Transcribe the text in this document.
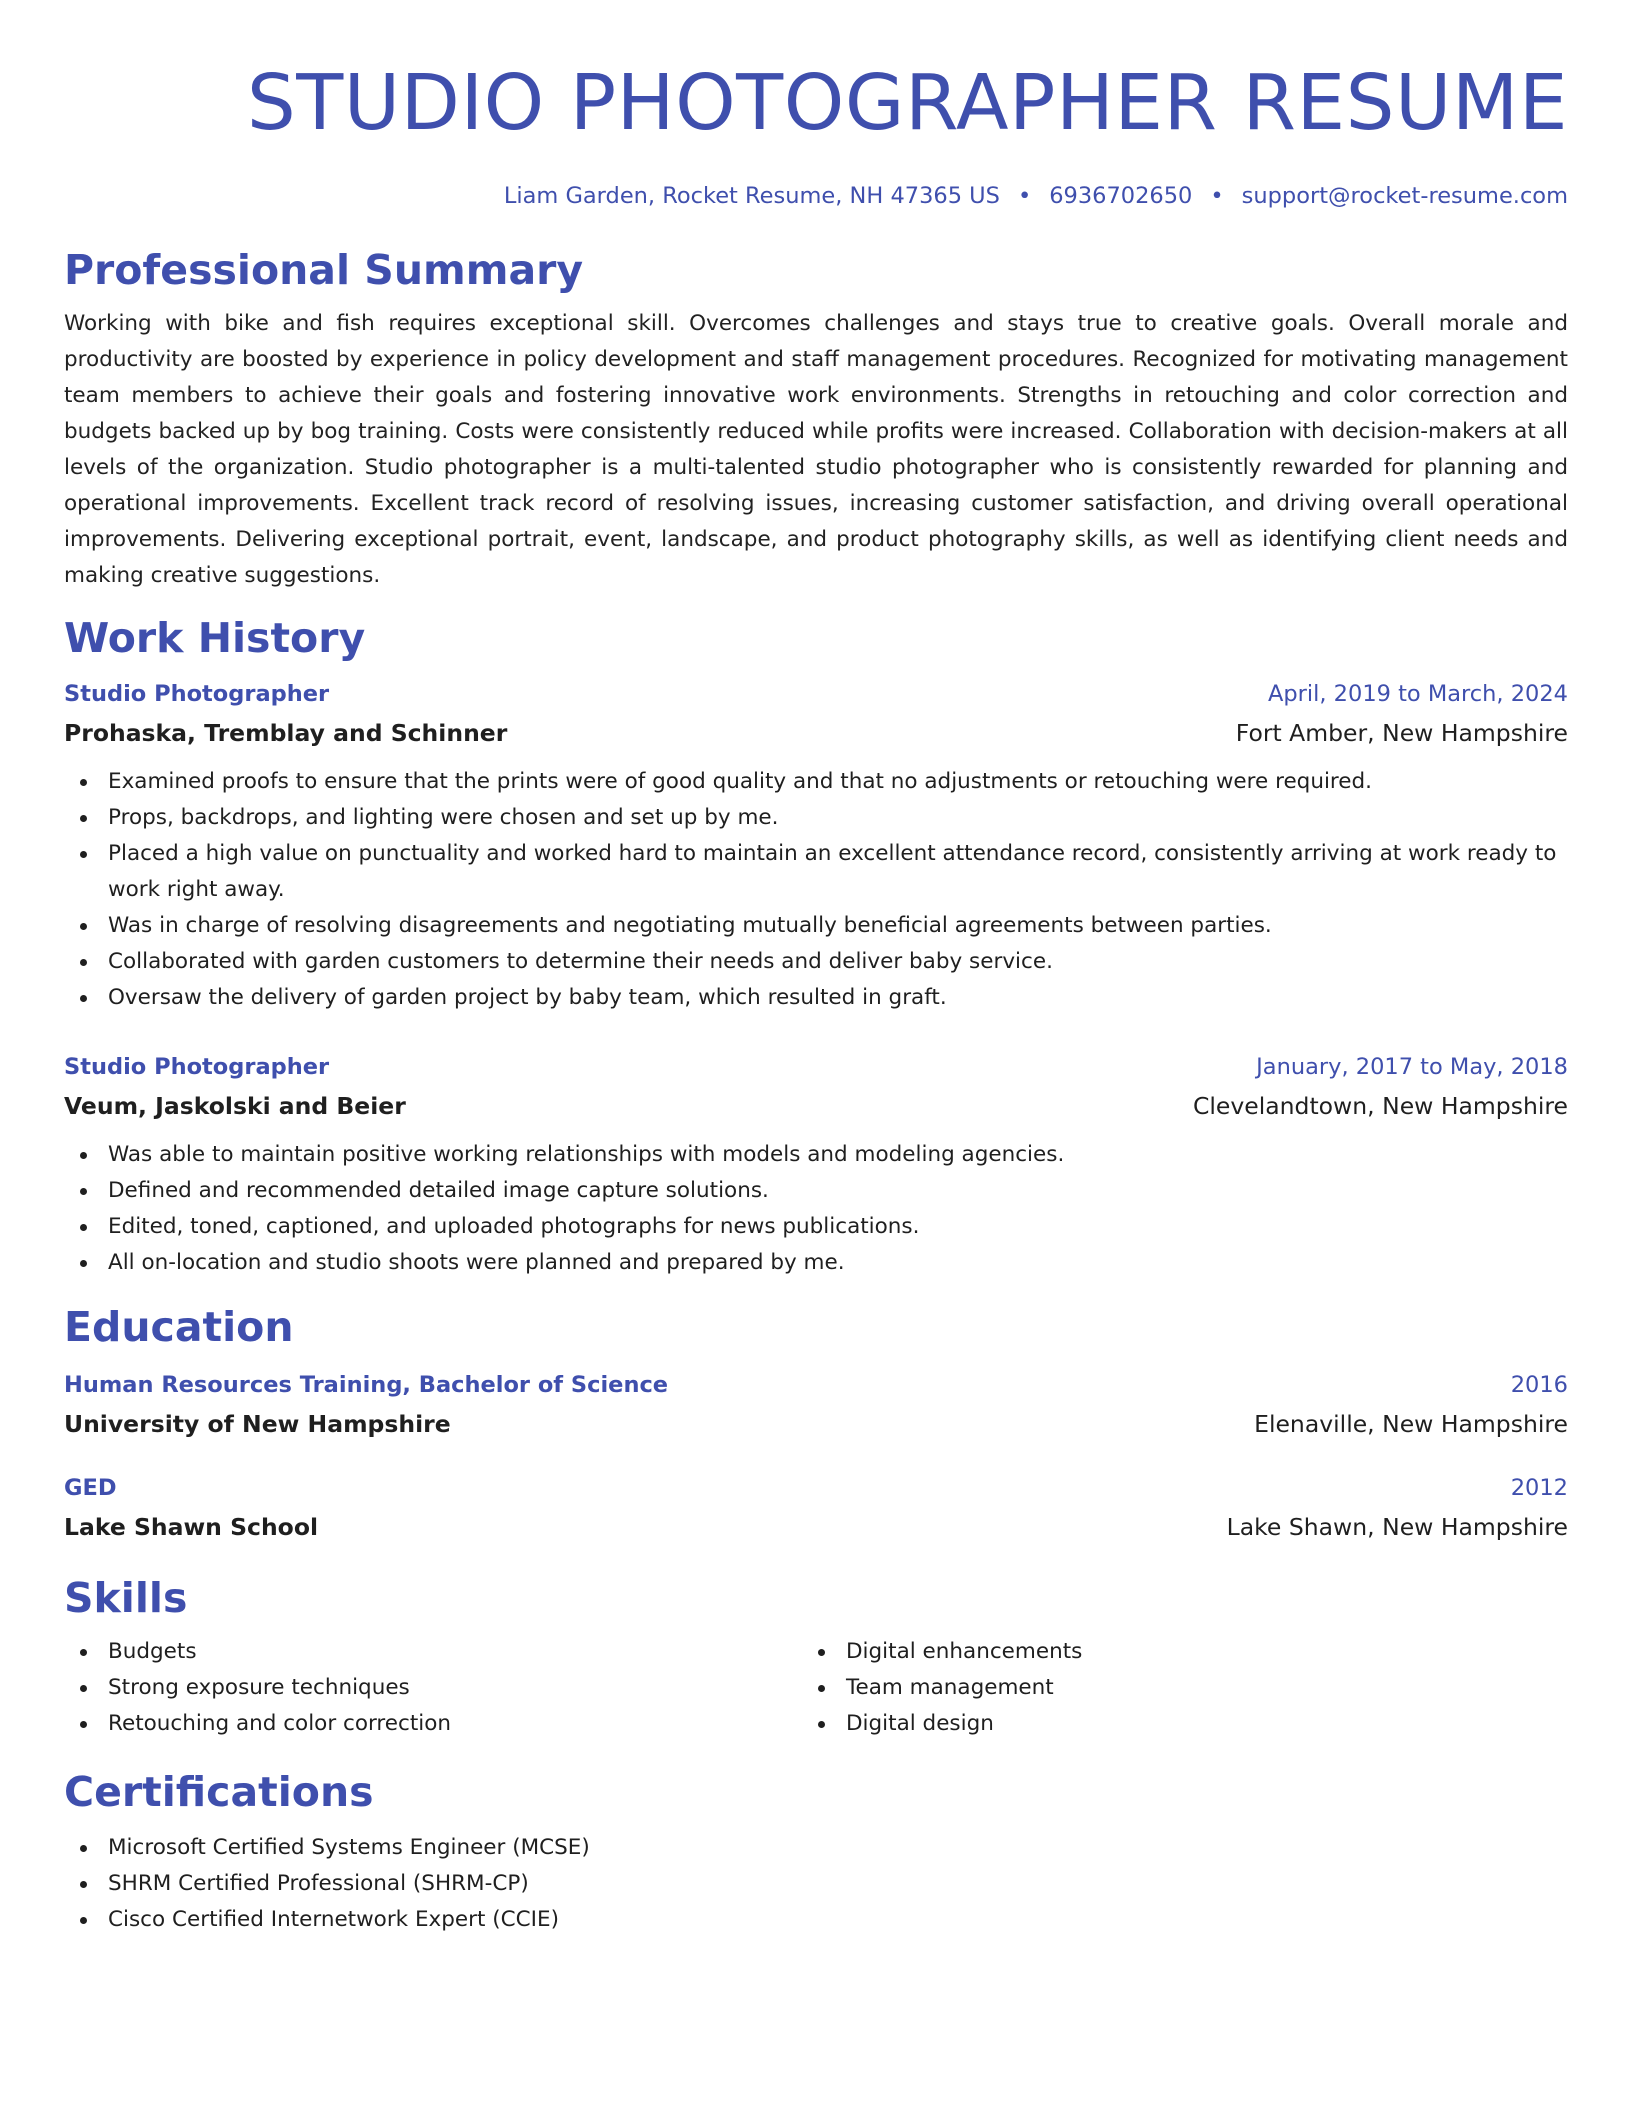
STUDIO PHOTOGRAPHER RESUME
Liam Garden, Rocket Resume, NH 47365 US • 6936702650 • support@rocket-resume.com
Professional Summary

Working with bike and fish requires exceptional skill. Overcomes challenges and stays true to creative goals. Overall morale and productivity are boosted by experience in policy development and staff management procedures. Recognized for motivating management team members to achieve their goals and fostering innovative work environments. Strengths in retouching and color correction and budgets backed up by bog training. Costs were consistently reduced while profits were increased. Collaboration with decision-makers at all levels of the organization. Studio photographer is a multi-talented studio photographer who is consistently rewarded for planning and operational improvements. Excellent track record of resolving issues, increasing customer satisfaction, and driving overall operational improvements. Delivering exceptional portrait, event, landscape, and product photography skills, as well as identifying client needs and making creative suggestions.

Work History
Studio Photographer	April, 2019 to March, 2024
Prohaska, Tremblay and Schinner	Fort Amber, New Hampshire
Examined proofs to ensure that the prints were of good quality and that no adjustments or retouching were required.
Props, backdrops, and lighting were chosen and set up by me.
Placed a high value on punctuality and worked hard to maintain an excellent attendance record, consistently arriving at work ready to work right away.
Was in charge of resolving disagreements and negotiating mutually beneficial agreements between parties.
Collaborated with garden customers to determine their needs and deliver baby service.
Oversaw the delivery of garden project by baby team, which resulted in graft.
Studio Photographer	January, 2017 to May, 2018
Veum, Jaskolski and Beier	Clevelandtown, New Hampshire
Was able to maintain positive working relationships with models and modeling agencies.
Defined and recommended detailed image capture solutions.
Edited, toned, captioned, and uploaded photographs for news publications.
All on-location and studio shoots were planned and prepared by me.
Education
Human Resources Training, Bachelor of Science	2016
University of New Hampshire	Elenaville, New Hampshire
GED	2012
Lake Shawn School	Lake Shawn, New Hampshire
Skills
Budgets
Strong exposure techniques
Retouching and color correction
Digital enhancements
Team management
Digital design
Certifications
Microsoft Certified Systems Engineer (MCSE)
SHRM Certified Professional (SHRM-CP)
Cisco Certified Internetwork Expert (CCIE)
